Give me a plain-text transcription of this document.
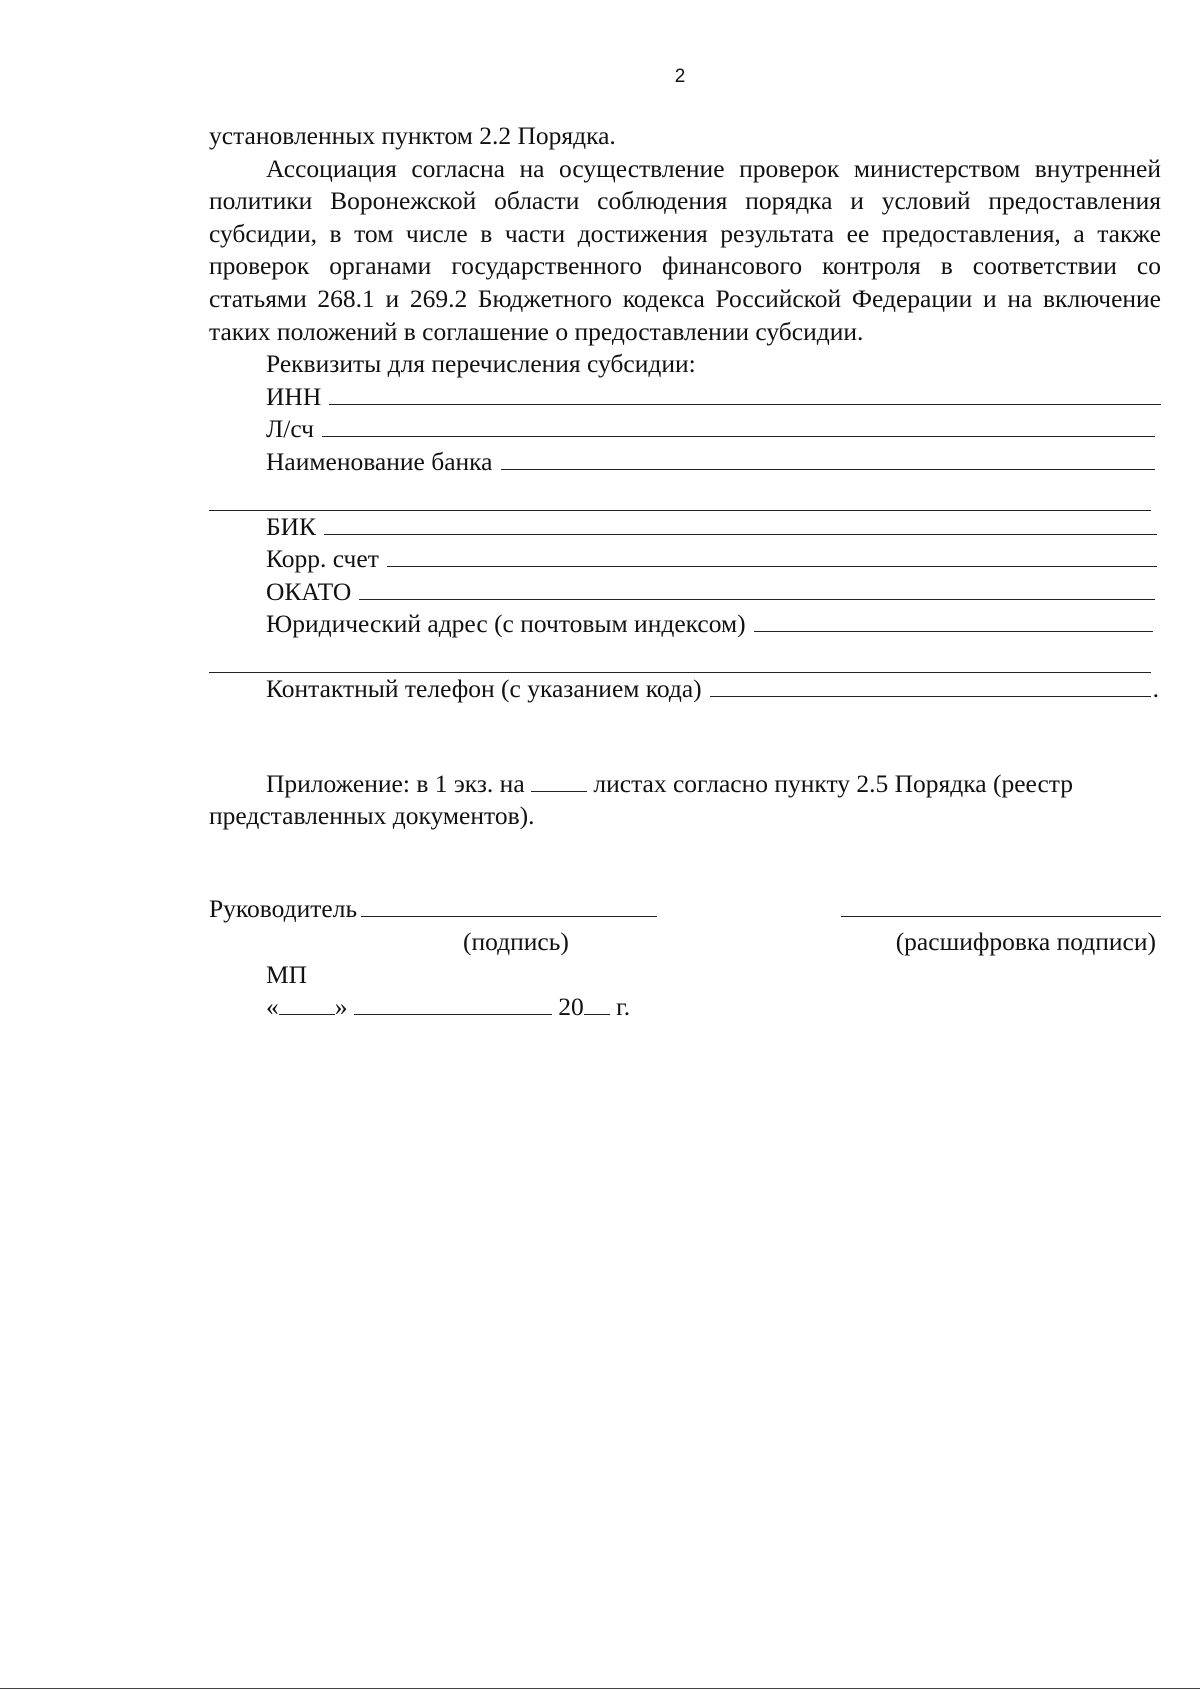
2

установленных пунктом 2.2 Порядка.

Ассоциация согласна на осуществление проверок министерством внутренней политики Воронежской области соблюдения порядка и условий предоставления субсидии, в том числе в части достижения результата ее предоставления, а также проверок органами государственного финансового контроля в соответствии со статьями 268.1 и 269.2 Бюджетного кодекса Российской Федерации и на включение таких положений в соглашение о предоставлении субсидии.

Реквизиты для перечисления субсидии:

ИНН
Л/сч
Наименование банка
БИК
Корр. счет
ОКАТО
Юридический адрес (с почтовым индексом)
Контактный телефон (с указанием кода)	.

Приложение: в 1 экз. на	листах согласно пункту 2.5 Порядка (реестр

представленных документов).

Руководитель
(подпись)	(расшифровка подписи)

МП

« »	20 г.
